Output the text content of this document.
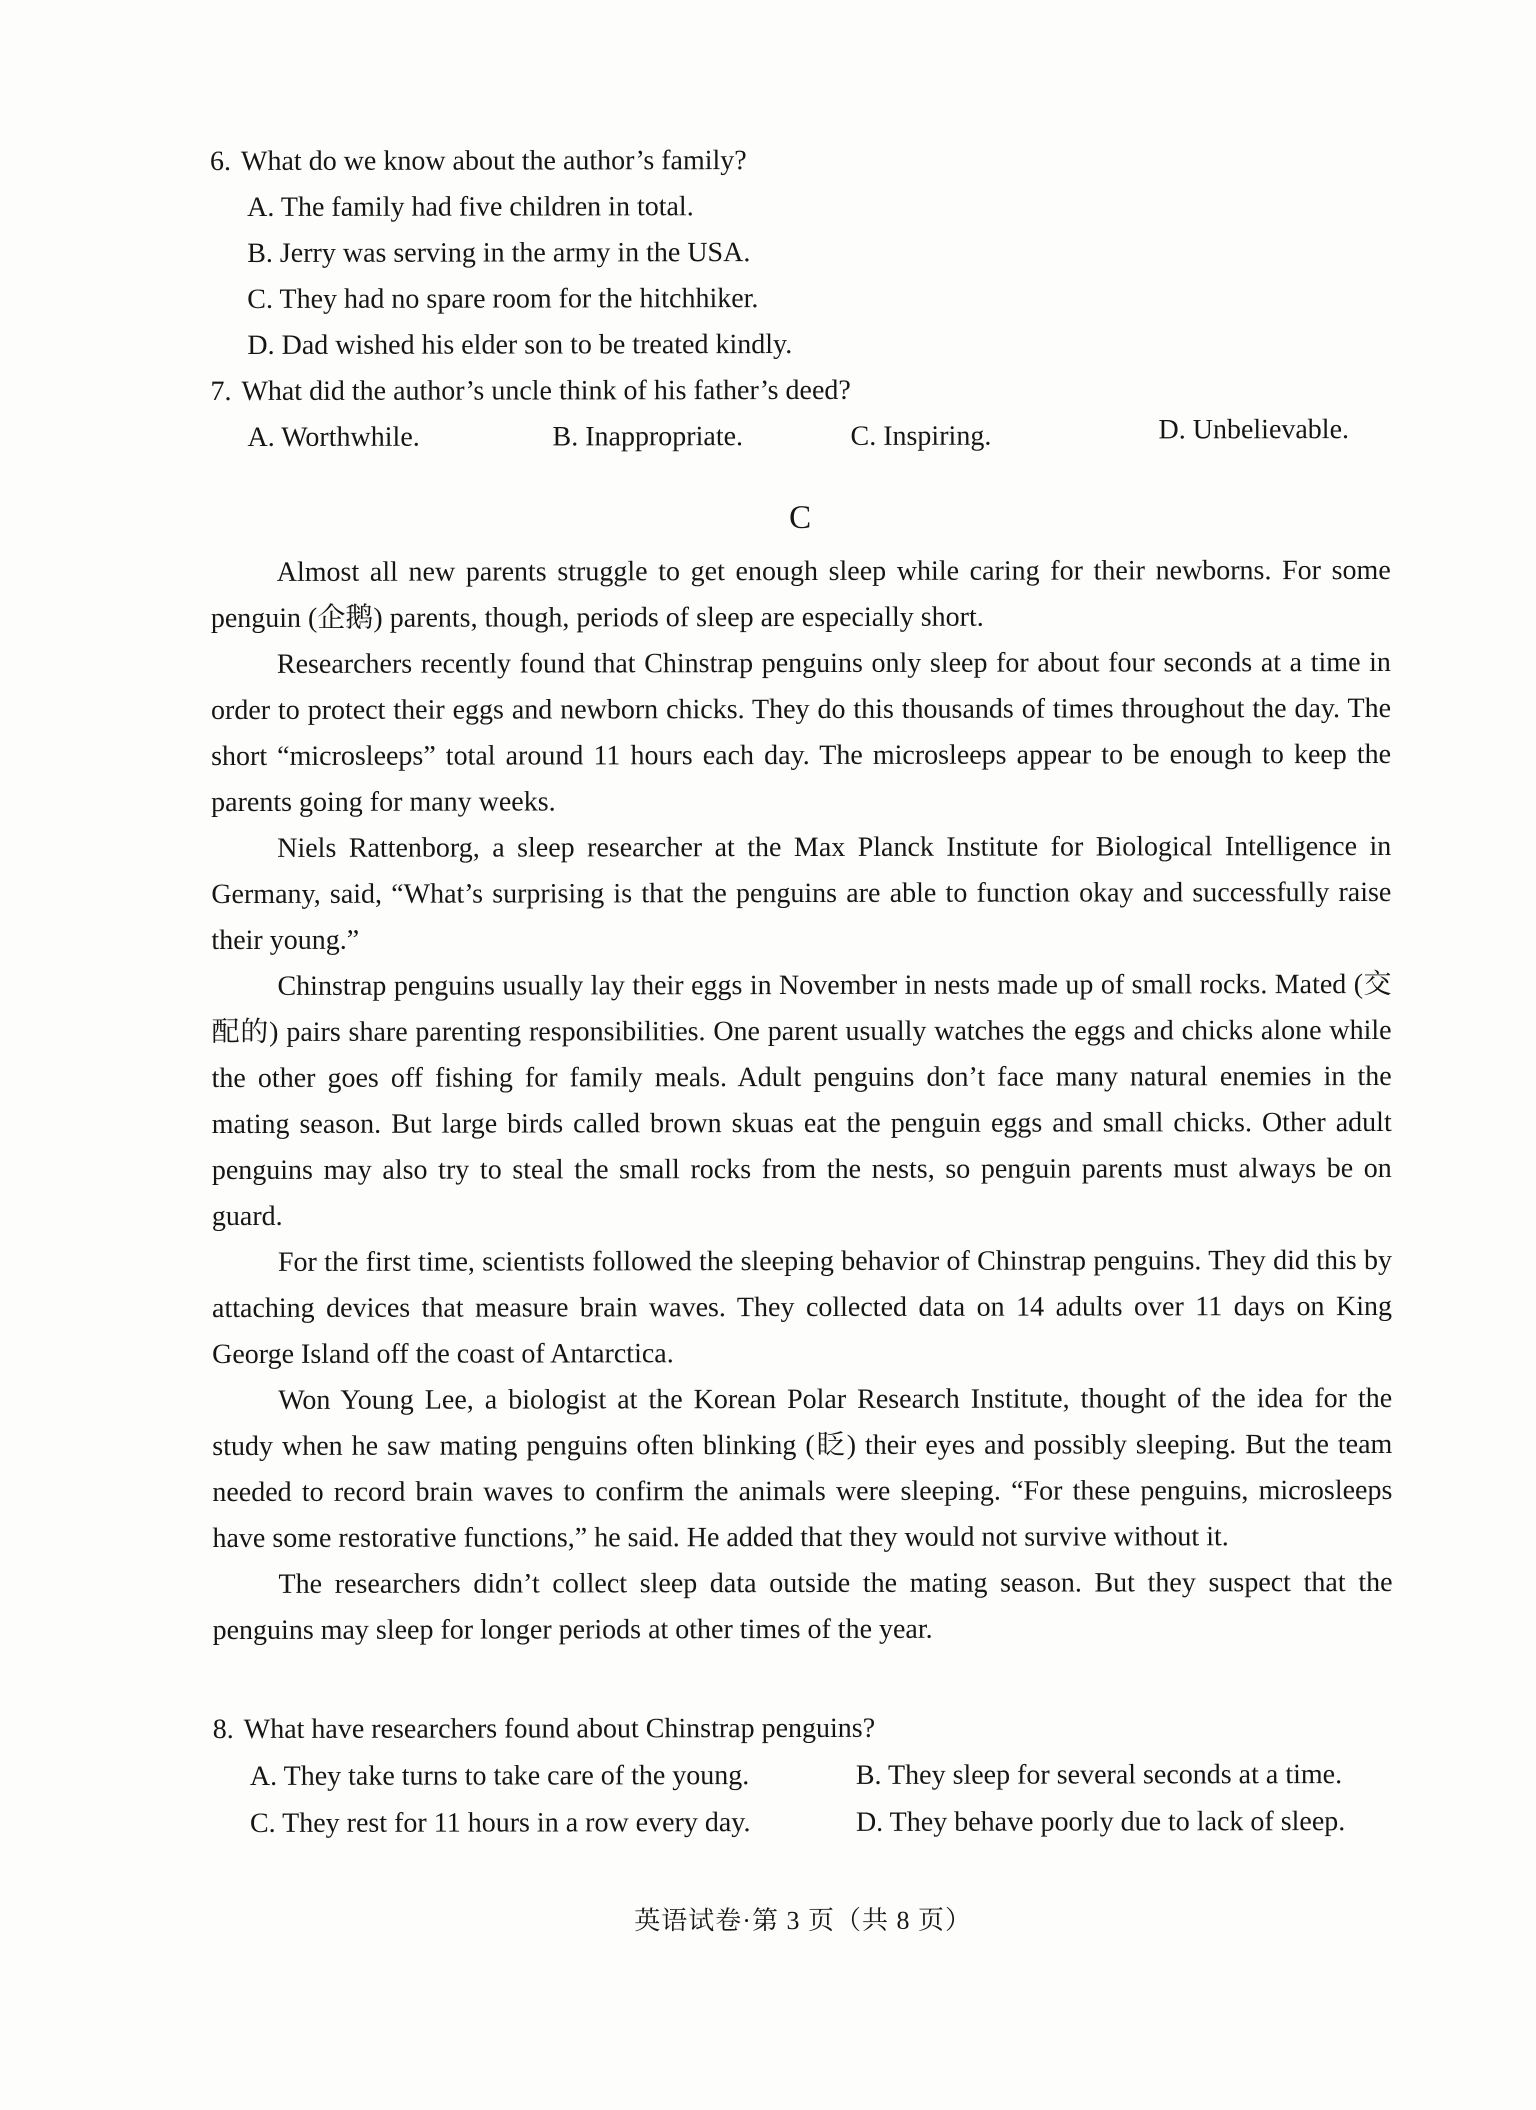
6. What do we know about the author’s family?
A. The family had five children in total.
B. Jerry was serving in the army in the USA.
C. They had no spare room for the hitchhiker.
D. Dad wished his elder son to be treated kindly.
7. What did the author’s uncle think of his father’s deed?
A. Worthwhile.	B. Inappropriate.	C. Inspiring.	D. Unbelievable.
C

Almost all new parents struggle to get enough sleep while caring for their newborns. For some penguin (企鹅) parents, though, periods of sleep are especially short.

Researchers recently found that Chinstrap penguins only sleep for about four seconds at a time in order to protect their eggs and newborn chicks. They do this thousands of times throughout the day. The short “microsleeps” total around 11 hours each day. The microsleeps appear to be enough to keep the parents going for many weeks.

Niels Rattenborg, a sleep researcher at the Max Planck Institute for Biological Intelligence in Germany, said, “What’s surprising is that the penguins are able to function okay and successfully raise their young.”

Chinstrap penguins usually lay their eggs in November in nests made up of small rocks. Mated (交配的) pairs share parenting responsibilities. One parent usually watches the eggs and chicks alone while the other goes off fishing for family meals. Adult penguins don’t face many natural enemies in the mating season. But large birds called brown skuas eat the penguin eggs and small chicks. Other adult penguins may also try to steal the small rocks from the nests, so penguin parents must always be on guard.

For the first time, scientists followed the sleeping behavior of Chinstrap penguins. They did this by attaching devices that measure brain waves. They collected data on 14 adults over 11 days on King George Island off the coast of Antarctica.

Won Young Lee, a biologist at the Korean Polar Research Institute, thought of the idea for the study when he saw mating penguins often blinking (眨) their eyes and possibly sleeping. But the team needed to record brain waves to confirm the animals were sleeping. “For these penguins, microsleeps have some restorative functions,” he said. He added that they would not survive without it.

The researchers didn’t collect sleep data outside the mating season. But they suspect that the penguins may sleep for longer periods at other times of the year.

8. What have researchers found about Chinstrap penguins?
A. They take turns to take care of the young.	B. They sleep for several seconds at a time.
C. They rest for 11 hours in a row every day.	D. They behave poorly due to lack of sleep.
英语试卷·第 3 页（共 8 页）
